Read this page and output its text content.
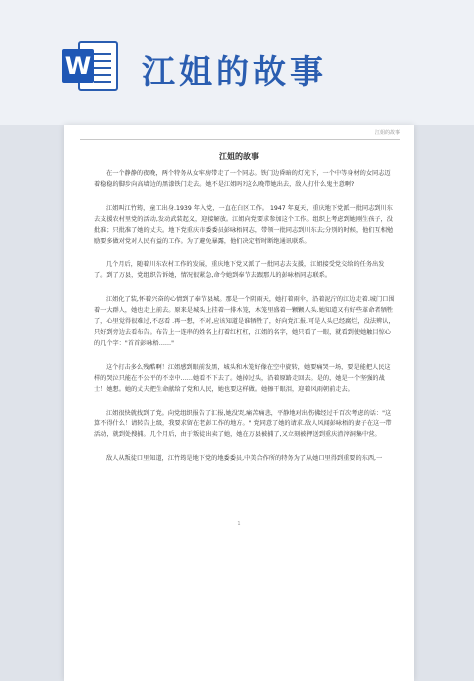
W 江姐的故事
江姐的故事
江姐的故事

在一个静静的夜晚，两个特务从女牢房带走了一个同志。铁门边昏暗的灯光下，一个中等身材的女同志迈着稳稳的脚步向高墙边的黑漆铁门走去。她不是江姐吗?这么晚带她出去，敌人打什么鬼主意啊?

江姐叫江竹筠，童工出身.1939 年入党，一直在白区工作。 1947 年夏天，重庆地下党派一批同志到川东去支援农村里党的活动,发动武装起义，迎接解放。江姐向党要求参加这个工作。组织上考虑到她刚生孩子，没批准；只批准了她的丈夫。地下党重庆市委委员彭咏梧同志，带领一批同志到川东去;分别的时候，他们互相勉励要多做对党对人民有益的工作。为了避免暴露，他们决定暂时断绝通讯联系。

几个月后，随着川东农村工作的发展，重庆地下党又派了一批同志去支援，江姐接受党交给的任务出发了。到了万县，党组织告诉她，情况很紧急,命令她到奉节去跟那儿的彭咏梧同志联系。

江姐化了装,怀着兴奋的心情到了奉节县城。那是一个阴雨天，她打着雨伞，沿着泥泞的江边走着.城门口围着一大群人，她也走上前去。原来是城头上挂着一排木笼，木笼里盛着一颗颗人头.她知道又有好些革命者牺牲了，心里觉得很难过,不忍看 .再一想，不对,应该知道是谁牺牲了，好向党汇报.可是人头已经腐烂，没法辨认，只好到旁边去看布告。布告上一连串的姓名上打着红杠杠，江姐的名字，她只看了一眼，就看到使她触目惊心的几个字："首首彭咏梧……"

这个打击多么残酷啊！江姐感到眼前发黑，城头和木笼好像在空中旋转，她要痛哭一场，要是能把人民这样的哭泣只能在不公平的不幸中……她看不下去了。她掉过头，沿着原路走回去。是的，她是一个坚强的战士！她想。她的丈夫把生命献给了党和人民，她也要这样做。她擦干眼泪，迎着风雨朝前走去。

江姐很快就找到了党。向党组织报告了汇报,她没哭,痛苦痛悲，平静地对出伤佛经过千百次考虑的话："这算不得什么！请转告上级，我要求留在老彭工作的地方。" 党同意了她的请求.敌人风闻彭咏梧的妻子在这一带活动，就到处搜捕。几个月后，由于叛徒出卖了她，她在万县被捕了,又立刻被押送到重庆渣滓洞集中营。

敌人从叛徒口里知道，江竹筠是地下党的地委委员,中美合作所的特务为了从她口里得到重要的东西,一

1
